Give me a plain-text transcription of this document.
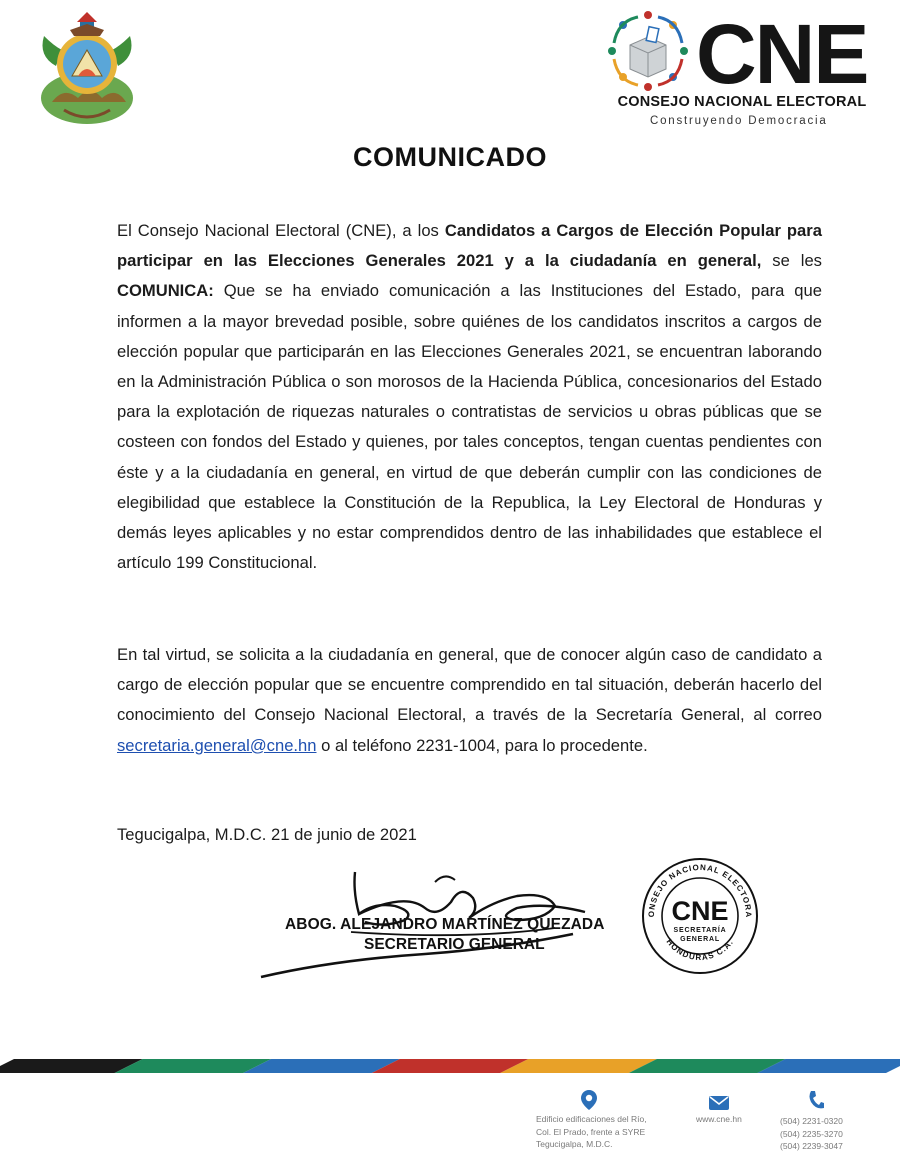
CNE
CONSEJO NACIONAL ELECTORAL
Construyendo Democracia
COMUNICADO
El Consejo Nacional Electoral (CNE), a los Candidatos a Cargos de Elección Popular para participar en las Elecciones Generales 2021 y a la ciudadanía en general, se les COMUNICA: Que se ha enviado comunicación a las Instituciones del Estado, para que informen a la mayor brevedad posible, sobre quiénes de los candidatos inscritos a cargos de elección popular que participarán en las Elecciones Generales 2021, se encuentran laborando en la Administración Pública o son morosos de la Hacienda Pública, concesionarios del Estado para la explotación de riquezas naturales o contratistas de servicios u obras públicas que se costeen con fondos del Estado y quienes, por tales conceptos, tengan cuentas pendientes con éste y a la ciudadanía en general, en virtud de que deberán cumplir con las condiciones de elegibilidad que establece la Constitución de la Republica, la Ley Electoral de Honduras y demás leyes aplicables y no estar comprendidos dentro de las inhabilidades que establece el artículo 199 Constitucional.
En tal virtud, se solicita a la ciudadanía en general, que de conocer algún caso de candidato a cargo de elección popular que se encuentre comprendido en tal situación, deberán hacerlo del conocimiento del Consejo Nacional Electoral, a través de la Secretaría General, al correo secretaria.general@cne.hn o al teléfono 2231-1004, para lo procedente.
Tegucigalpa, M.D.C. 21 de junio de 2021
ABOG. ALEJANDRO MARTÍNEZ QUEZADA
SECRETARIO GENERAL
ONSEJO NACIONAL ELECTORA
HONDURAS C.A.
CNE
SECRETARÍA
GENERAL
Edificio edificaciones del Río,
Col. El Prado, frente a SYRE
Tegucigalpa, M.D.C.
www.cne.hn	(504) 2231-0320
(504) 2235-3270
(504) 2239-3047
